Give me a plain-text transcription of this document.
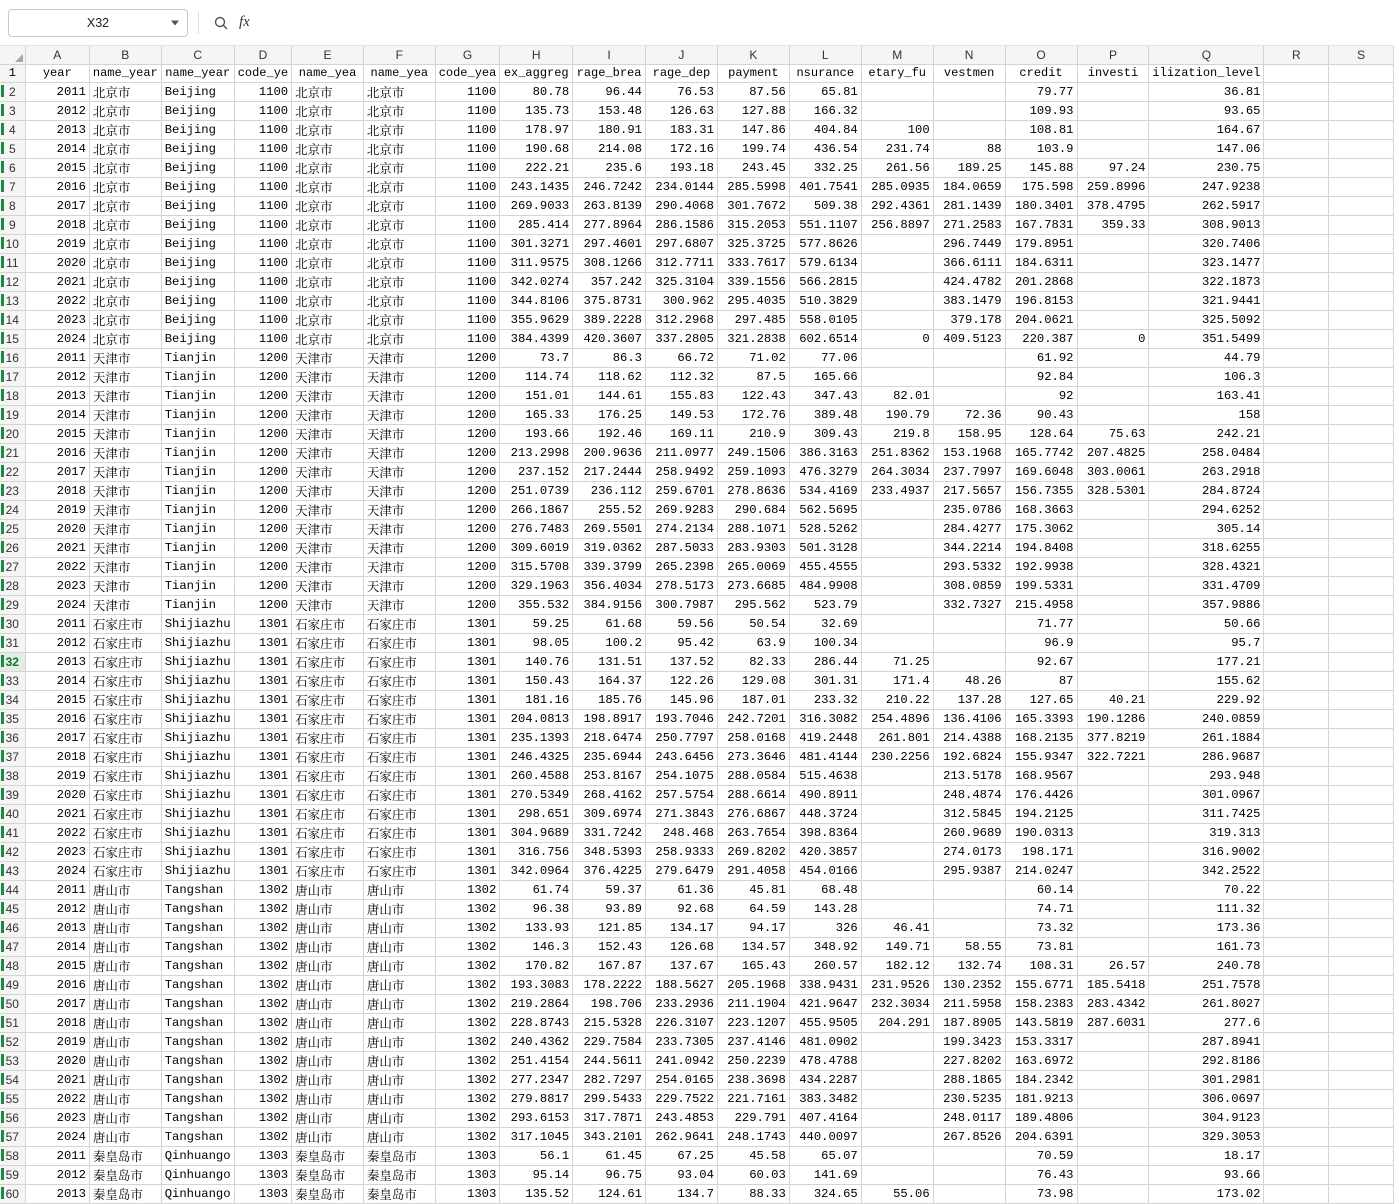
X32	fx
	A	B	C	D	E	F	G	H	I	J	K	L	M	N	O	P	Q	R	S
1	year	name_year	name_year	code_ye	name_yea	name_yea	code_yea	ex_aggreg	rage_brea	rage_dep	payment	nsurance	etary_fu	vestmen	credit	investi	ilization_level		
2	2011	北京市	Beijing	1100	北京市	北京市	1100	80.78	96.44	76.53	87.56	65.81			79.77		36.81		
3	2012	北京市	Beijing	1100	北京市	北京市	1100	135.73	153.48	126.63	127.88	166.32			109.93		93.65		
4	2013	北京市	Beijing	1100	北京市	北京市	1100	178.97	180.91	183.31	147.86	404.84	100		108.81		164.67		
5	2014	北京市	Beijing	1100	北京市	北京市	1100	190.68	214.08	172.16	199.74	436.54	231.74	88	103.9		147.06		
6	2015	北京市	Beijing	1100	北京市	北京市	1100	222.21	235.6	193.18	243.45	332.25	261.56	189.25	145.88	97.24	230.75		
7	2016	北京市	Beijing	1100	北京市	北京市	1100	243.1435	246.7242	234.0144	285.5998	401.7541	285.0935	184.0659	175.598	259.8996	247.9238		
8	2017	北京市	Beijing	1100	北京市	北京市	1100	269.9033	263.8139	290.4068	301.7672	509.38	292.4361	281.1439	180.3401	378.4795	262.5917		
9	2018	北京市	Beijing	1100	北京市	北京市	1100	285.414	277.8964	286.1586	315.2053	551.1107	256.8897	271.2583	167.7831	359.33	308.9013		
10	2019	北京市	Beijing	1100	北京市	北京市	1100	301.3271	297.4601	297.6807	325.3725	577.8626		296.7449	179.8951		320.7406		
11	2020	北京市	Beijing	1100	北京市	北京市	1100	311.9575	308.1266	312.7711	333.7617	579.6134		366.6111	184.6311		323.1477		
12	2021	北京市	Beijing	1100	北京市	北京市	1100	342.0274	357.242	325.3104	339.1556	566.2815		424.4782	201.2868		322.1873		
13	2022	北京市	Beijing	1100	北京市	北京市	1100	344.8106	375.8731	300.962	295.4035	510.3829		383.1479	196.8153		321.9441		
14	2023	北京市	Beijing	1100	北京市	北京市	1100	355.9629	389.2228	312.2968	297.485	558.0105		379.178	204.0621		325.5092		
15	2024	北京市	Beijing	1100	北京市	北京市	1100	384.4399	420.3607	337.2805	321.2838	602.6514	0	409.5123	220.387	0	351.5499		
16	2011	天津市	Tianjin	1200	天津市	天津市	1200	73.7	86.3	66.72	71.02	77.06			61.92		44.79		
17	2012	天津市	Tianjin	1200	天津市	天津市	1200	114.74	118.62	112.32	87.5	165.66			92.84		106.3		
18	2013	天津市	Tianjin	1200	天津市	天津市	1200	151.01	144.61	155.83	122.43	347.43	82.01		92		163.41		
19	2014	天津市	Tianjin	1200	天津市	天津市	1200	165.33	176.25	149.53	172.76	389.48	190.79	72.36	90.43		158		
20	2015	天津市	Tianjin	1200	天津市	天津市	1200	193.66	192.46	169.11	210.9	309.43	219.8	158.95	128.64	75.63	242.21		
21	2016	天津市	Tianjin	1200	天津市	天津市	1200	213.2998	200.9636	211.0977	249.1506	386.3163	251.8362	153.1968	165.7742	207.4825	258.0484		
22	2017	天津市	Tianjin	1200	天津市	天津市	1200	237.152	217.2444	258.9492	259.1093	476.3279	264.3034	237.7997	169.6048	303.0061	263.2918		
23	2018	天津市	Tianjin	1200	天津市	天津市	1200	251.0739	236.112	259.6701	278.8636	534.4169	233.4937	217.5657	156.7355	328.5301	284.8724		
24	2019	天津市	Tianjin	1200	天津市	天津市	1200	266.1867	255.52	269.9283	290.684	562.5695		235.0786	168.3663		294.6252		
25	2020	天津市	Tianjin	1200	天津市	天津市	1200	276.7483	269.5501	274.2134	288.1071	528.5262		284.4277	175.3062		305.14		
26	2021	天津市	Tianjin	1200	天津市	天津市	1200	309.6019	319.0362	287.5033	283.9303	501.3128		344.2214	194.8408		318.6255		
27	2022	天津市	Tianjin	1200	天津市	天津市	1200	315.5708	339.3799	265.2398	265.0069	455.4555		293.5332	192.9938		328.4321		
28	2023	天津市	Tianjin	1200	天津市	天津市	1200	329.1963	356.4034	278.5173	273.6685	484.9908		308.0859	199.5331		331.4709		
29	2024	天津市	Tianjin	1200	天津市	天津市	1200	355.532	384.9156	300.7987	295.562	523.79		332.7327	215.4958		357.9886		
30	2011	石家庄市	Shijiazhu	1301	石家庄市	石家庄市	1301	59.25	61.68	59.56	50.54	32.69			71.77		50.66		
31	2012	石家庄市	Shijiazhu	1301	石家庄市	石家庄市	1301	98.05	100.2	95.42	63.9	100.34			96.9		95.7		
32	2013	石家庄市	Shijiazhu	1301	石家庄市	石家庄市	1301	140.76	131.51	137.52	82.33	286.44	71.25		92.67		177.21		
33	2014	石家庄市	Shijiazhu	1301	石家庄市	石家庄市	1301	150.43	164.37	122.26	129.08	301.31	171.4	48.26	87		155.62		
34	2015	石家庄市	Shijiazhu	1301	石家庄市	石家庄市	1301	181.16	185.76	145.96	187.01	233.32	210.22	137.28	127.65	40.21	229.92		
35	2016	石家庄市	Shijiazhu	1301	石家庄市	石家庄市	1301	204.0813	198.8917	193.7046	242.7201	316.3082	254.4896	136.4106	165.3393	190.1286	240.0859		
36	2017	石家庄市	Shijiazhu	1301	石家庄市	石家庄市	1301	235.1393	218.6474	250.7797	258.0168	419.2448	261.801	214.4388	168.2135	377.8219	261.1884		
37	2018	石家庄市	Shijiazhu	1301	石家庄市	石家庄市	1301	246.4325	235.6944	243.6456	273.3646	481.4144	230.2256	192.6824	155.9347	322.7221	286.9687		
38	2019	石家庄市	Shijiazhu	1301	石家庄市	石家庄市	1301	260.4588	253.8167	254.1075	288.0584	515.4638		213.5178	168.9567		293.948		
39	2020	石家庄市	Shijiazhu	1301	石家庄市	石家庄市	1301	270.5349	268.4162	257.5754	288.6614	490.8911		248.4874	176.4426		301.0967		
40	2021	石家庄市	Shijiazhu	1301	石家庄市	石家庄市	1301	298.651	309.6974	271.3843	276.6867	448.3724		312.5845	194.2125		311.7425		
41	2022	石家庄市	Shijiazhu	1301	石家庄市	石家庄市	1301	304.9689	331.7242	248.468	263.7654	398.8364		260.9689	190.0313		319.313		
42	2023	石家庄市	Shijiazhu	1301	石家庄市	石家庄市	1301	316.756	348.5393	258.9333	269.8202	420.3857		274.0173	198.171		316.9002		
43	2024	石家庄市	Shijiazhu	1301	石家庄市	石家庄市	1301	342.0964	376.4225	279.6479	291.4058	454.0166		295.9387	214.0247		342.2522		
44	2011	唐山市	Tangshan	1302	唐山市	唐山市	1302	61.74	59.37	61.36	45.81	68.48			60.14		70.22		
45	2012	唐山市	Tangshan	1302	唐山市	唐山市	1302	96.38	93.89	92.68	64.59	143.28			74.71		111.32		
46	2013	唐山市	Tangshan	1302	唐山市	唐山市	1302	133.93	121.85	134.17	94.17	326	46.41		73.32		173.36		
47	2014	唐山市	Tangshan	1302	唐山市	唐山市	1302	146.3	152.43	126.68	134.57	348.92	149.71	58.55	73.81		161.73		
48	2015	唐山市	Tangshan	1302	唐山市	唐山市	1302	170.82	167.87	137.67	165.43	260.57	182.12	132.74	108.31	26.57	240.78		
49	2016	唐山市	Tangshan	1302	唐山市	唐山市	1302	193.3083	178.2222	188.5627	205.1968	338.9431	231.9526	130.2352	155.6771	185.5418	251.7578		
50	2017	唐山市	Tangshan	1302	唐山市	唐山市	1302	219.2864	198.706	233.2936	211.1904	421.9647	232.3034	211.5958	158.2383	283.4342	261.8027		
51	2018	唐山市	Tangshan	1302	唐山市	唐山市	1302	228.8743	215.5328	226.3107	223.1207	455.9505	204.291	187.8905	143.5819	287.6031	277.6		
52	2019	唐山市	Tangshan	1302	唐山市	唐山市	1302	240.4362	229.7584	233.7305	237.4146	481.0902		199.3423	153.3317		287.8941		
53	2020	唐山市	Tangshan	1302	唐山市	唐山市	1302	251.4154	244.5611	241.0942	250.2239	478.4788		227.8202	163.6972		292.8186		
54	2021	唐山市	Tangshan	1302	唐山市	唐山市	1302	277.2347	282.7297	254.0165	238.3698	434.2287		288.1865	184.2342		301.2981		
55	2022	唐山市	Tangshan	1302	唐山市	唐山市	1302	279.8817	299.5433	229.7522	221.7161	383.3482		230.5235	181.9213		306.0697		
56	2023	唐山市	Tangshan	1302	唐山市	唐山市	1302	293.6153	317.7871	243.4853	229.791	407.4164		248.0117	189.4806		304.9123		
57	2024	唐山市	Tangshan	1302	唐山市	唐山市	1302	317.1045	343.2101	262.9641	248.1743	440.0097		267.8526	204.6391		329.3053		
58	2011	秦皇岛市	Qinhuango	1303	秦皇岛市	秦皇岛市	1303	56.1	61.45	67.25	45.58	65.07			70.59		18.17		
59	2012	秦皇岛市	Qinhuango	1303	秦皇岛市	秦皇岛市	1303	95.14	96.75	93.04	60.03	141.69			76.43		93.66		
60	2013	秦皇岛市	Qinhuango	1303	秦皇岛市	秦皇岛市	1303	135.52	124.61	134.7	88.33	324.65	55.06		73.98		173.02		
